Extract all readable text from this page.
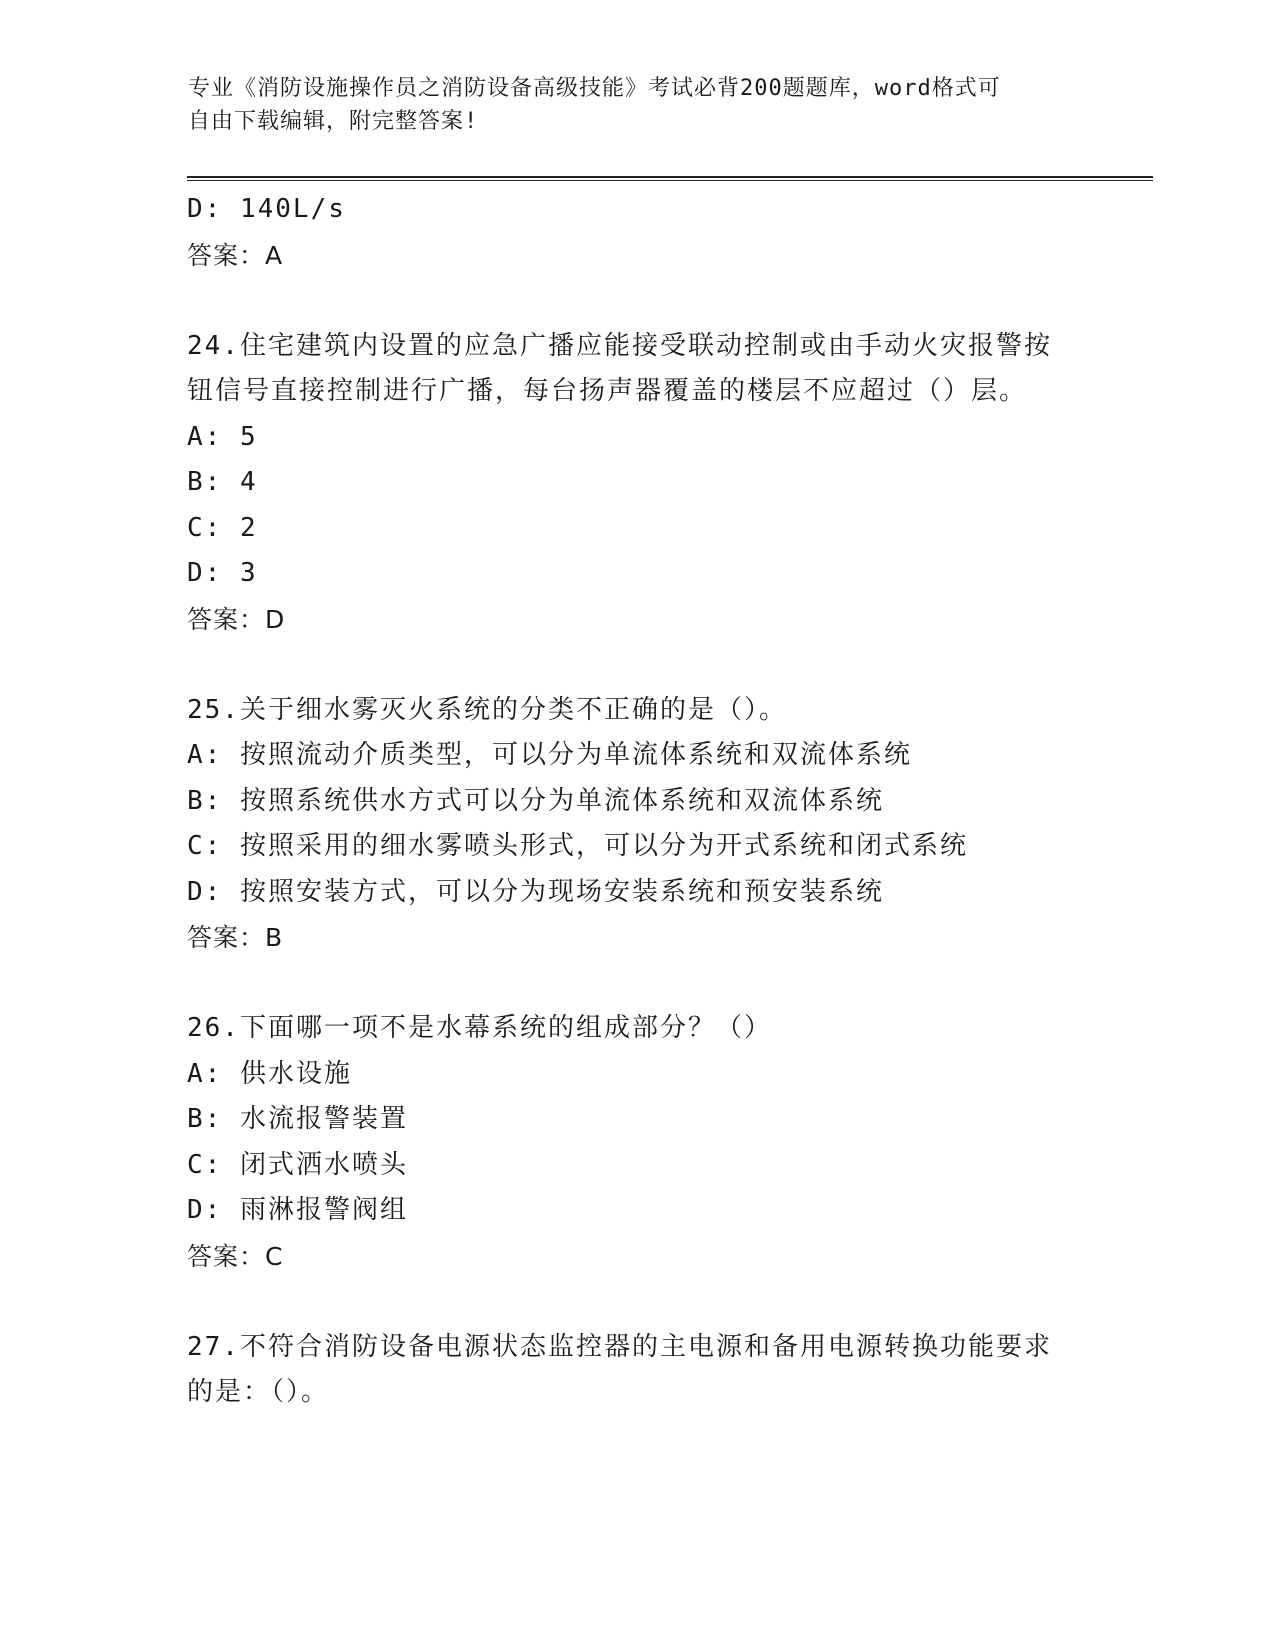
专业《消防设施操作员之消防设备高级技能》考试必背200题题库，word格式可
自由下载编辑，附完整答案!
D: 140L/s
答案：A
24.住宅建筑内设置的应急广播应能接受联动控制或由手动火灾报警按
钮信号直接控制进行广播，每台扬声器覆盖的楼层不应超过（）层。
A: 5
B: 4
C: 2
D: 3
答案：D
25.关于细水雾灭火系统的分类不正确的是（）。
A: 按照流动介质类型，可以分为单流体系统和双流体系统
B: 按照系统供水方式可以分为单流体系统和双流体系统
C: 按照采用的细水雾喷头形式，可以分为开式系统和闭式系统
D: 按照安装方式，可以分为现场安装系统和预安装系统
答案：B
26.下面哪一项不是水幕系统的组成部分？（）
A: 供水设施
B: 水流报警装置
C: 闭式洒水喷头
D: 雨淋报警阀组
答案：C
27.不符合消防设备电源状态监控器的主电源和备用电源转换功能要求
的是：（）。
